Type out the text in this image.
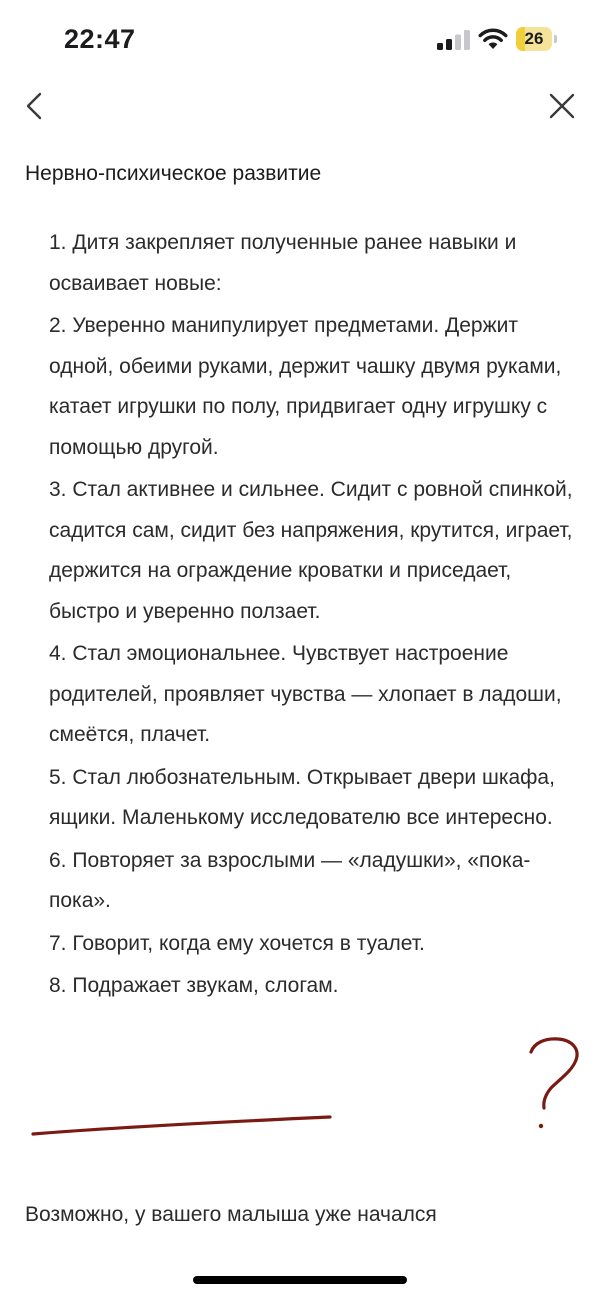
22:47	26
Нервно-психическое развитие
1. Дитя закрепляет полученные ранее навыки и осваивает новые:
2. Уверенно манипулирует предметами. Держит одной, обеими руками, держит чашку двумя руками, катает игрушки по полу, придвигает одну игрушку с помощью другой.
3. Стал активнее и сильнее. Сидит с ровной спинкой, садится сам, сидит без напряжения, крутится, играет, держится на ограждение кроватки и приседает, быстро и уверенно ползает.
4. Стал эмоциональнее. Чувствует настроение родителей, проявляет чувства — хлопает в ладоши, смеётся, плачет.
5. Стал любознательным. Открывает двери шкафа, ящики. Маленькому исследователю все интересно.
6. Повторяет за взрослыми — «ладушки», «пока-пока».
7. Говорит, когда ему хочется в туалет.
8. Подражает звукам, слогам.

Возможно, у вашего малыша уже начался
